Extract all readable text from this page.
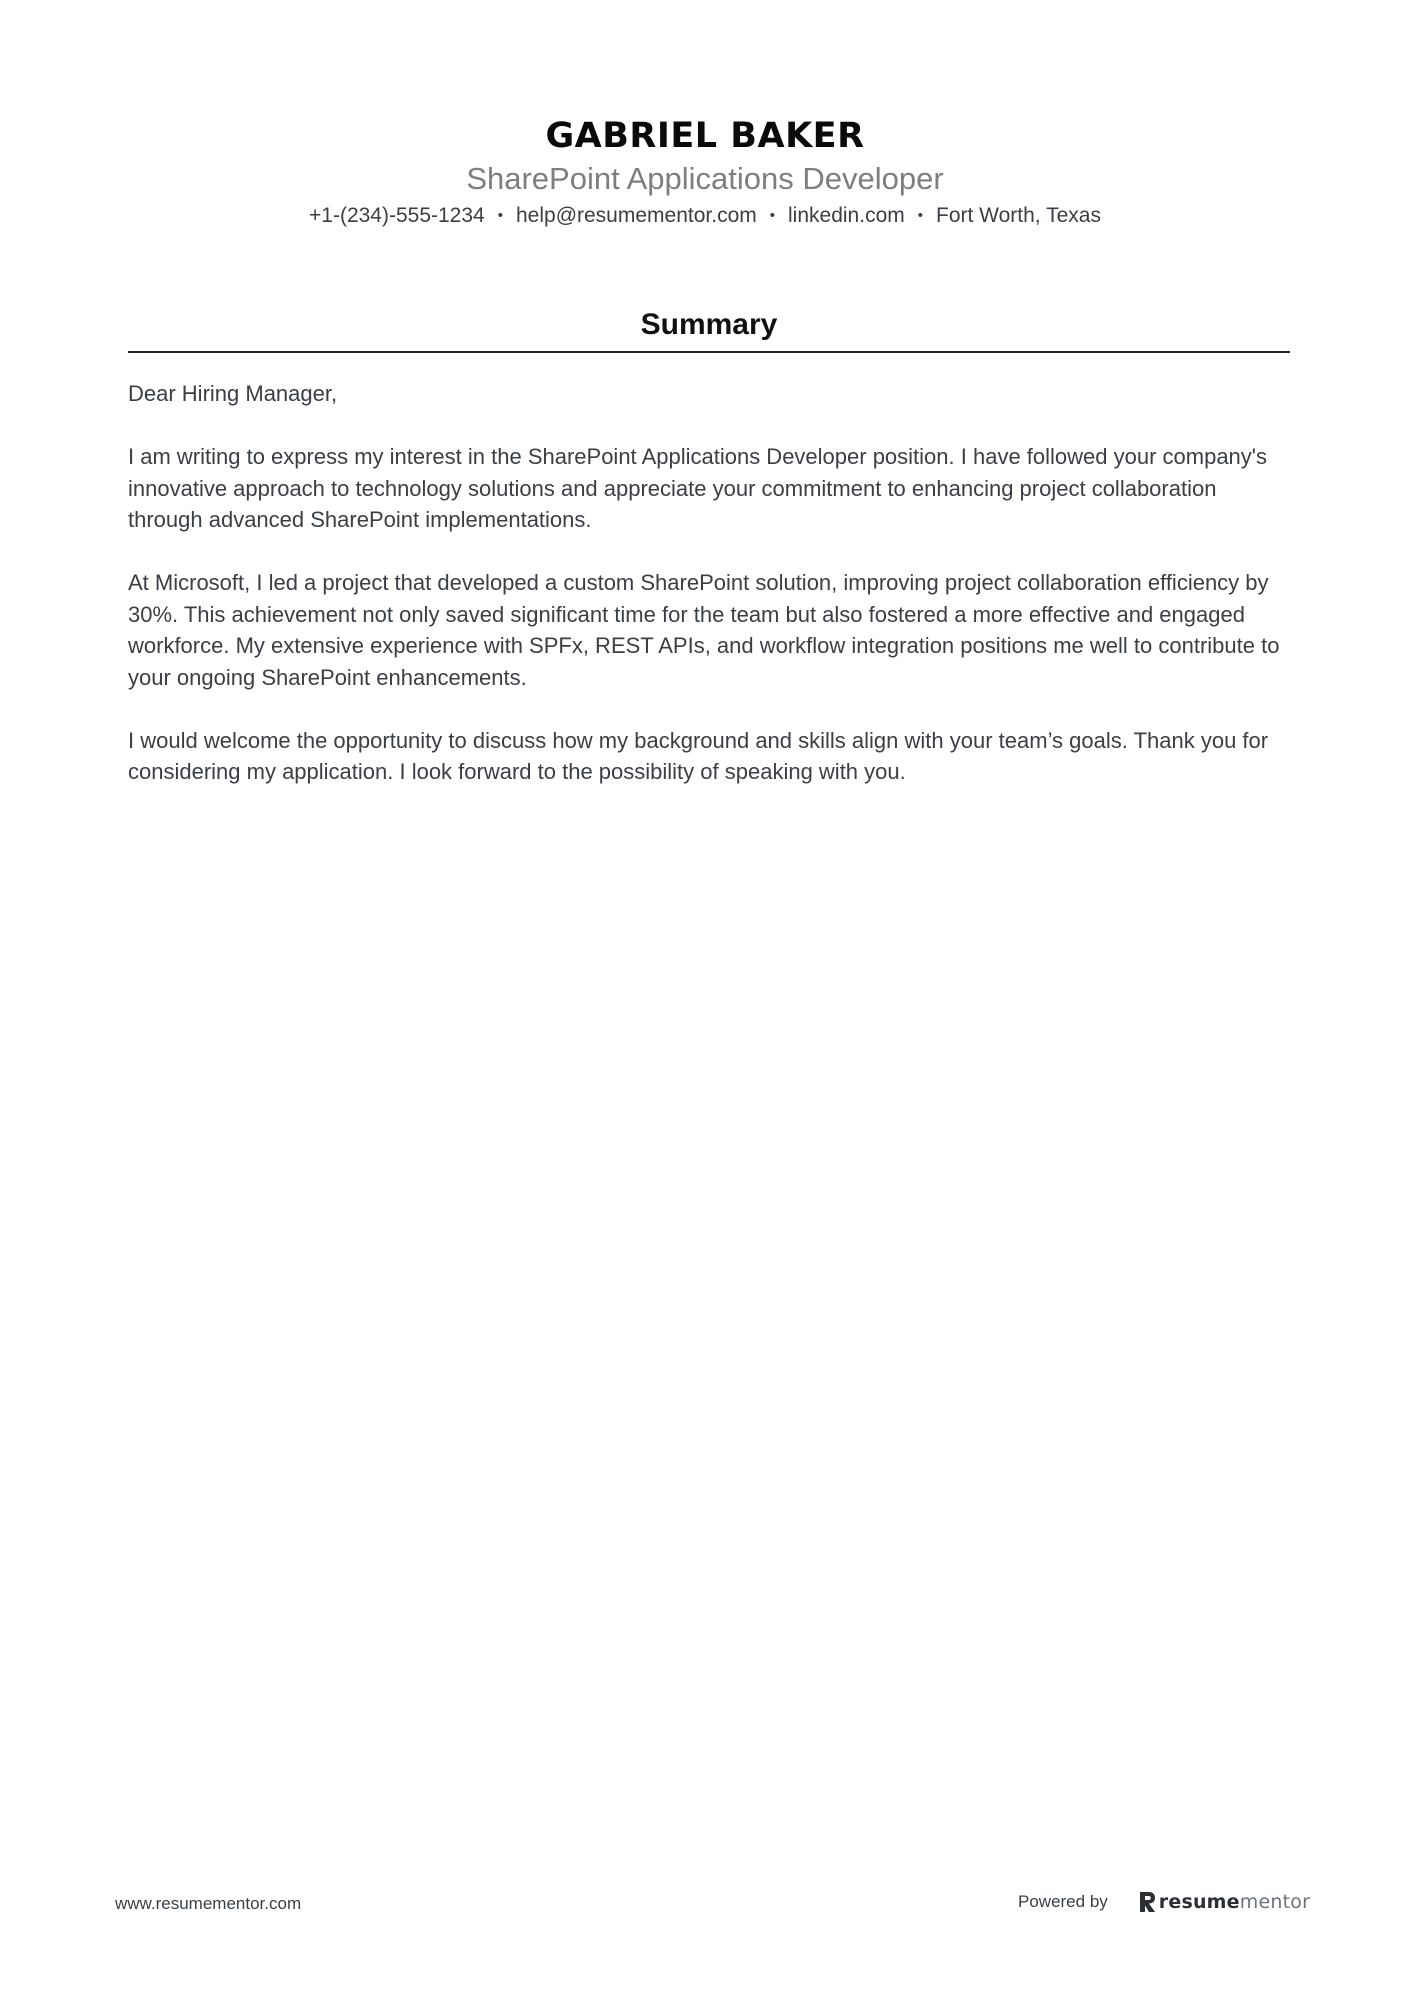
GABRIEL BAKER
SharePoint Applications Developer
+1-(234)-555-1234 • help@resumementor.com • linkedin.com • Fort Worth, Texas
Summary

Dear Hiring Manager,

I am writing to express my interest in the SharePoint Applications Developer position. I have followed your company's innovative approach to technology solutions and appreciate your commitment to enhancing project collaboration through advanced SharePoint implementations.

At Microsoft, I led a project that developed a custom SharePoint solution, improving project collaboration efficiency by 30%. This achievement not only saved significant time for the team but also fostered a more effective and engaged workforce. My extensive experience with SPFx, REST APIs, and workflow integration positions me well to contribute to your ongoing SharePoint enhancements.

I would welcome the opportunity to discuss how my background and skills align with your team’s goals. Thank you for considering my application. I look forward to the possibility of speaking with you.

www.resumementor.com	Powered by	resumementor
